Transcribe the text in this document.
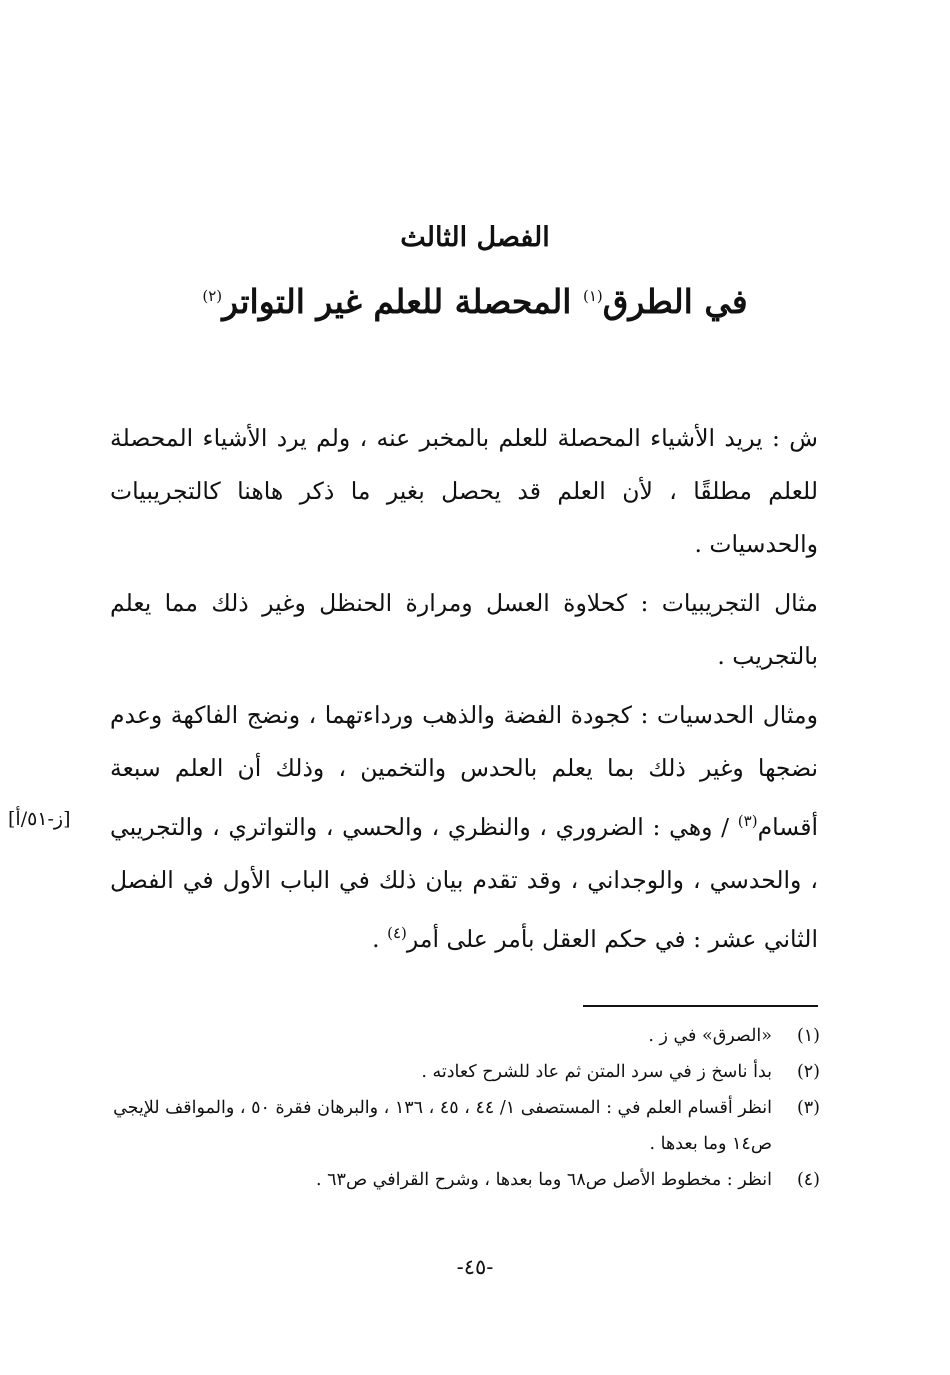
الفصل الثالث
في الطرق$^{(١)}$ المحصلة للعلم غير التواتر$^{(٢)}$

ش : يريد الأشياء المحصلة للعلم بالمخبر عنه ، ولم يرد الأشياء المحصلة للعلم مطلقًا ، لأن العلم قد يحصل بغير ما ذكر هاهنا كالتجريبيات والحدسيات .

مثال التجريبيات : كحلاوة العسل ومرارة الحنظل وغير ذلك مما يعلم بالتجريب .

ومثال الحدسيات : كجودة الفضة والذهب ورداءتهما ، ونضج الفاكهة وعدم نضجها وغير ذلك بما يعلم بالحدس والتخمين ، وذلك أن العلم سبعة أقسام$^{(٣)}$ / وهي : الضروري ، والنظري ، والحسي ، والتواتري ، والتجريبي ، والحدسي ، والوجداني ، وقد تقدم بيان ذلك في الباب الأول في الفصل الثاني عشر : في حكم العقل بأمر على أمر$^{(٤)}$ .

[ز-٥١/أ]
(١)
«الصرق» في ز .
(٢)
بدأ ناسخ ز في سرد المتن ثم عاد للشرح كعادته .
(٣)
انظر أقسام العلم في : المستصفى ١/ ٤٤ ، ٤٥ ، ١٣٦ ، والبرهان فقرة ٥٠ ، والمواقف للإيجي ص١٤ وما بعدها .
(٤)
انظر : مخطوط الأصل ص٦٨ وما بعدها ، وشرح القرافي ص٦٣ .
-٤٥-
